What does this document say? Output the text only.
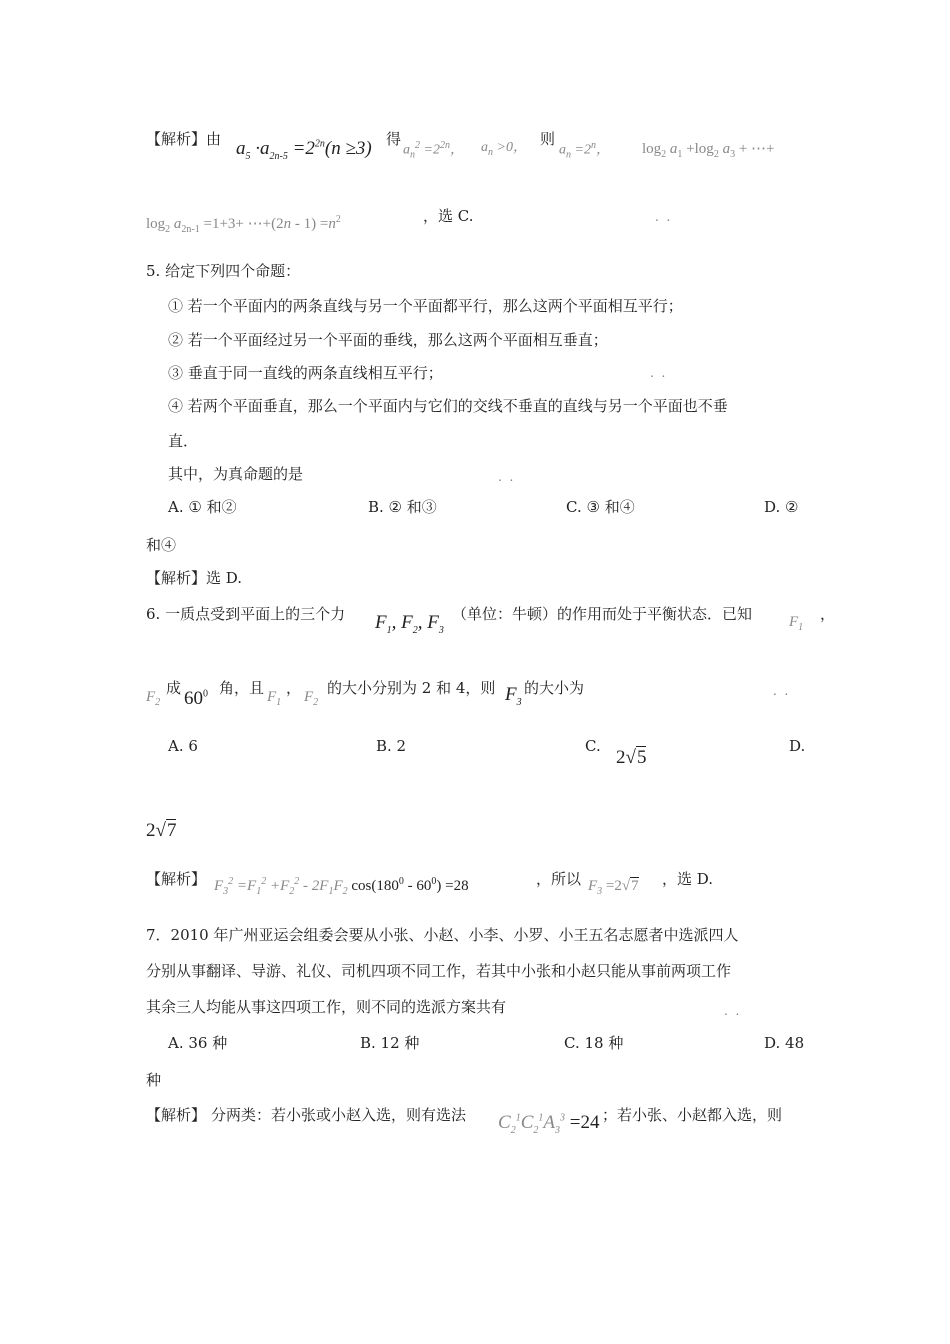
【解析】由 $a_5 \cdot a_{2n-5} =2^{2n}(n \ge 3)$ 得
$a_n^2 =2^{2n}$， $a_n >0$， 则
$a_n =2^n$， $\log_2 a_1 +\log_2$ $a_3$ + ⋯+
$\log_2 a_{2n-1} =1+3+$ ⋯+(2n - $1) =n^2$	，选 C.	.  .
5. 给定下列四个命题：
① 若一个平面内的两条直线与另一个平面都平行，那么这两个平面相互平行；
② 若一个平面经过另一个平面的垂线，那么这两个平面相互垂直；
③ 垂直于同一直线的两条直线相互平行；	.  .
④ 若两个平面垂直，那么一个平面内与它们的交线不垂直的直线与另一个平面也不垂
直．
其中，为真命题的是	.  .
A. ① 和②	B. ② 和③	C. ③ 和④	D. ②
和④
【解析】选 D.
6. 一质点受到平面上的三个力 $F_1$, $F_2$, $F_3$
（单位：牛顿）的作用而处于平衡状态．已知 $F_1$
，
$F_2$
成 $60^0$ 角，且 $F_1$
， $F_2$
的大小分别为 2 和 4，则 $F_3$
的大小为	.  .
A. 6	B. 2	C.
2√5
D.
2√7
【解析】 $F_3^2 =F_1^2 +F_2^2 - 2F_1F_2$ $\cos(180^0 - 60^0) =28$	，所以 $F_3 =2√7$ ，选 D.
7．2010 年广州亚运会组委会要从小张、小赵、小李、小罗、小王五名志愿者中选派四人
分别从事翻译、导游、礼仪、司机四项不同工作，若其中小张和小赵只能从事前两项工作
其余三人均能从事这四项工作，则不同的选派方案共有	.  .
A. 36 种	B. 12 种	C. 18 种	D. 48
种
【解析】 分两类：若小张或小赵入选，则有选法 $C_2^1C_2^1A_3^3 =24$ ；若小张、小赵都入选，则
